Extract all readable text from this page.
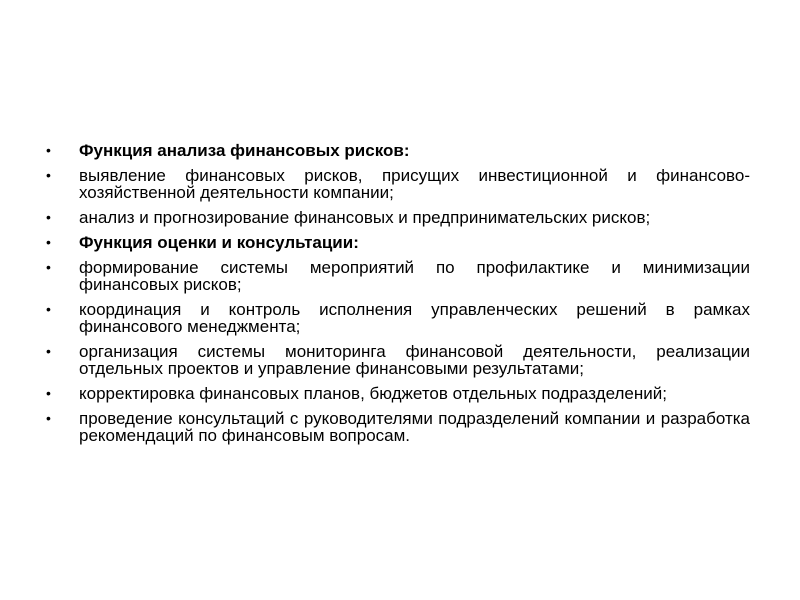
• Функция анализа финансовых рисков:
• выявление финансовых рисков, присущих инвестиционной и финансово-хозяйственной деятельности компании;
• анализ и прогнозирование финансовых и предпринимательских рисков;
• Функция оценки и консультации:
• формирование системы мероприятий по профилактике и минимизации финансовых рисков;
• координация и контроль исполнения управленческих решений в рамках финансового менеджмента;
• организация системы мониторинга финансовой деятельности, реализации отдельных проектов и управление финансовыми результатами;
• корректировка финансовых планов, бюджетов отдельных подразделений;
• проведение консультаций с руководителями подразделений компании и разработка рекомендаций по финансовым вопросам.
